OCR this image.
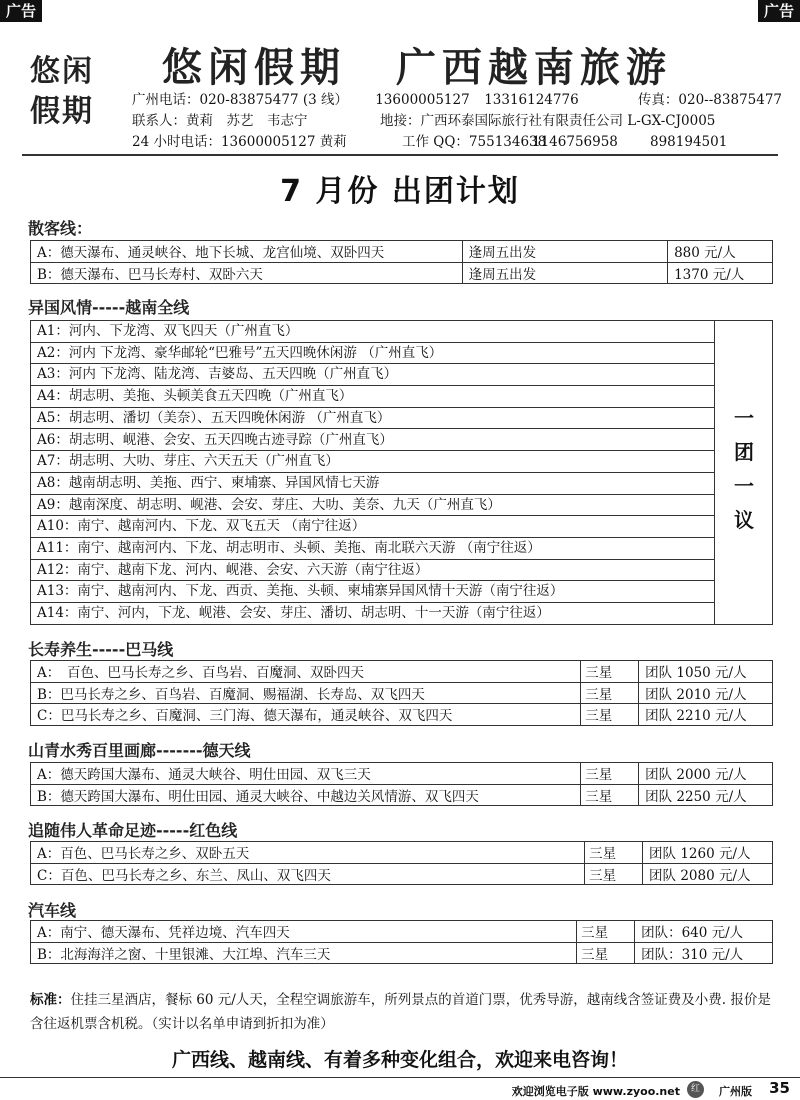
广告	广告
悠闲
假期
悠闲假期 广西越南旅游
广州电话：020-83875477 (3 线）	13600005127	13316124776	传真：020--83875477
联系人：黄莉　苏艺　韦志宁	地接：广西环泰国际旅行社有限责任公司 L-GX-CJ0005
24 小时电话：13600005127 黄莉	工作 QQ：755134638
1146756958	898194501
7 月份 出团计划
散客线：
A：德天瀑布、通灵峡谷、地下长城、龙宫仙境、双卧四天	逢周五出发	880 元/人
B：德天瀑布、巴马长寿村、双卧六天	逢周五出发	1370 元/人
异国风情-----越南全线
A1：河内、下龙湾、双飞四天（广州直飞）
A2：河内 下龙湾、豪华邮轮“巴雅号”五天四晚休闲游 （广州直飞）
A3：河内 下龙湾、陆龙湾、吉婆岛、五天四晚（广州直飞）
A4：胡志明、美拖、头顿美食五天四晚（广州直飞）
A5：胡志明、潘切（美奈）、五天四晚休闲游 （广州直飞）
A6：胡志明、岘港、会安、五天四晚古迹寻踪（广州直飞）
A7：胡志明、大叻、芽庄、六天五天（广州直飞）
A8：越南胡志明、美拖、西宁、柬埔寨、异国风情七天游
A9：越南深度、胡志明、岘港、会安、芽庄、大叻、美奈、九天（广州直飞）
A10：南宁、越南河内、下龙、双飞五天 （南宁往返）
A11：南宁、越南河内、下龙、胡志明市、头顿、美拖、南北联六天游 （南宁往返）
A12：南宁、越南下龙、河内、岘港、会安、六天游（南宁往返）
A13：南宁、越南河内、下龙、西贡、美拖、头顿、柬埔寨异国风情十天游（南宁往返）
A14：南宁、河内，下龙、岘港、会安、芽庄、潘切、胡志明、十一天游（南宁往返）
一
团
一
议
长寿养生-----巴马线
A：　百色、巴马长寿之乡、百鸟岩、百魔洞、双卧四天	三星	团队 1050 元/人
B：巴马长寿之乡、百鸟岩、百魔洞、赐福湖、长寿岛、双飞四天	三星	团队 2010 元/人
C：巴马长寿之乡、百魔洞、三门海、德天瀑布，通灵峡谷、双飞四天	三星	团队 2210 元/人
山青水秀百里画廊-------德天线
A：德天跨国大瀑布、通灵大峡谷、明仕田园、双飞三天	三星	团队 2000 元/人
B：德天跨国大瀑布、明仕田园、通灵大峡谷、中越边关风情游、双飞四天	三星	团队 2250 元/人
追随伟人革命足迹-----红色线
A：百色、巴马长寿之乡、双卧五天	三星	团队 1260 元/人
C：百色、巴马长寿之乡、东兰、凤山、双飞四天	三星	团队 2080 元/人
汽车线
A：南宁、德天瀑布、凭祥边境、汽车四天	三星	团队：640 元/人
B：北海海洋之窗、十里银滩、大江埠、汽车三天	三星	团队：310 元/人
标准：住挂三星酒店，餐标 60 元/人天，全程空调旅游车，所列景点的首道门票，优秀导游，越南线含签证费及小费. 报价是含往返机票含机税。（实计以名单申请到折扣为准）
广西线、越南线、有着多种变化组合，欢迎来电咨询！
欢迎浏览电子版 www.zyoo.net	红	广州版 35
